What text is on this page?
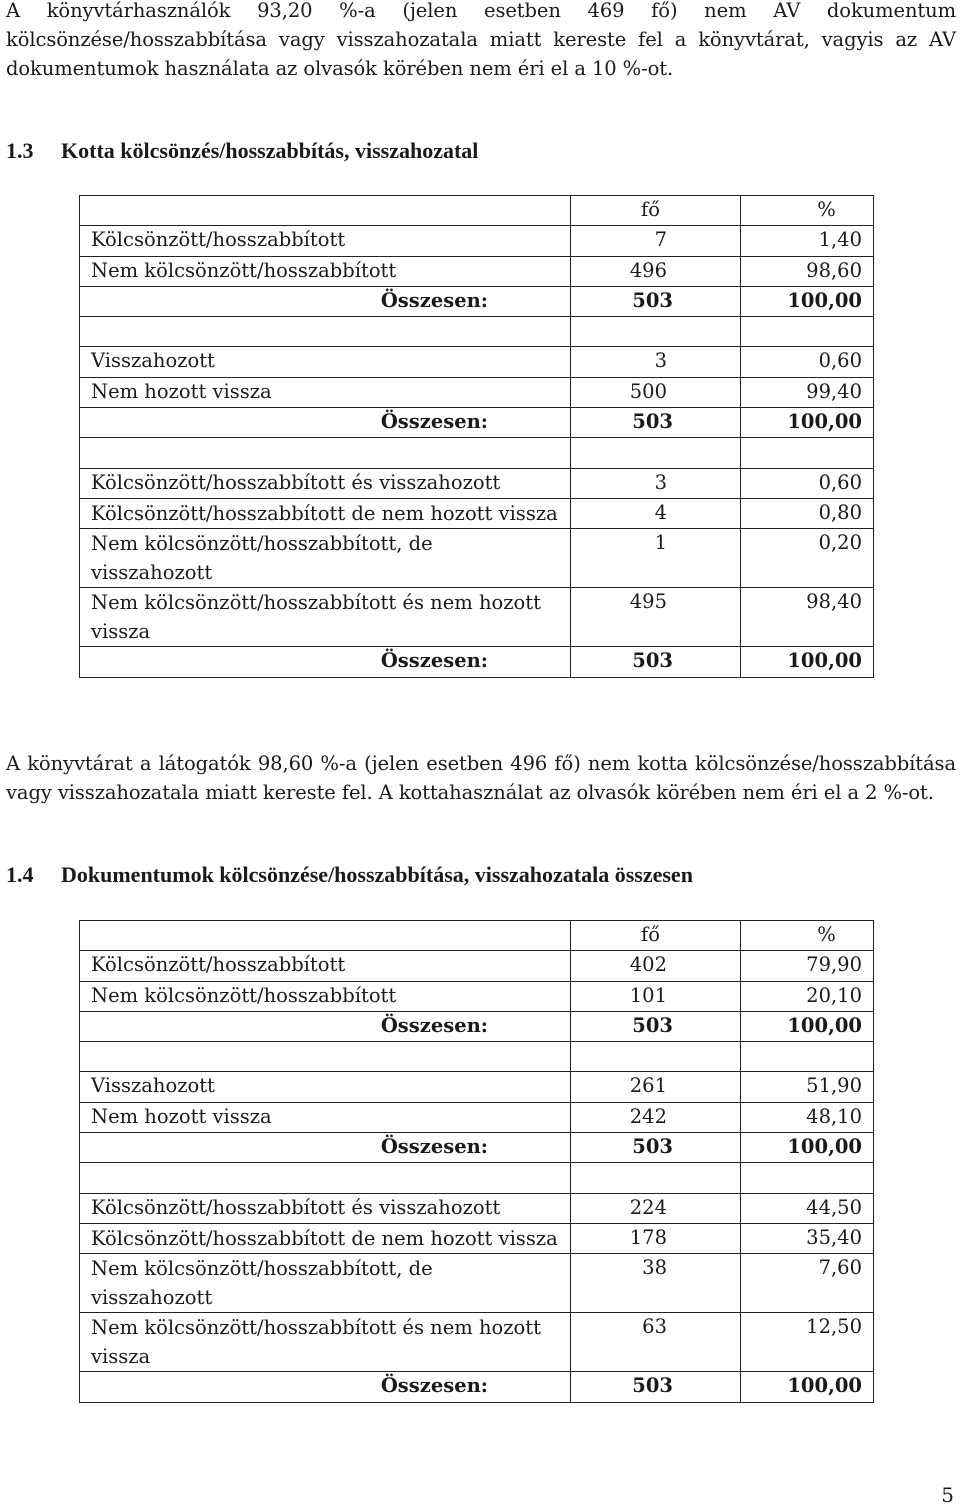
A könyvtárhasználók 93,20 %-a (jelen esetben 469 fő) nem AV dokumentum
kölcsönzése/hosszabbítása vagy visszahozatala miatt kereste fel a könyvtárat, vagyis az AV
dokumentumok használata az olvasók körében nem éri el a 10 %-ot.
1.3 Kotta kölcsönzés/hosszabbítás, visszahozatal
	fő	%
Kölcsönzött/hosszabbított	7	1,40
Nem kölcsönzött/hosszabbított	496	98,60
Összesen:	503	100,00

Visszahozott	3	0,60
Nem hozott vissza	500	99,40
Összesen:	503	100,00

Kölcsönzött/hosszabbított és visszahozott	3	0,60
Kölcsönzött/hosszabbított de nem hozott vissza	4	0,80
Nem kölcsönzött/hosszabbított, de visszahozott	1	0,20
Nem kölcsönzött/hosszabbított és nem hozott vissza	495	98,40
Összesen:	503	100,00
A könyvtárat a látogatók 98,60 %-a (jelen esetben 496 fő) nem kotta kölcsönzése/hosszabbítása
vagy visszahozatala miatt kereste fel. A kottahasználat az olvasók körében nem éri el a 2 %-ot.
1.4 Dokumentumok kölcsönzése/hosszabbítása, visszahozatala összesen
	fő	%
Kölcsönzött/hosszabbított	402	79,90
Nem kölcsönzött/hosszabbított	101	20,10
Összesen:	503	100,00

Visszahozott	261	51,90
Nem hozott vissza	242	48,10
Összesen:	503	100,00

Kölcsönzött/hosszabbított és visszahozott	224	44,50
Kölcsönzött/hosszabbított de nem hozott vissza	178	35,40
Nem kölcsönzött/hosszabbított, de visszahozott	38	7,60
Nem kölcsönzött/hosszabbított és nem hozott vissza	63	12,50
Összesen:	503	100,00
5
